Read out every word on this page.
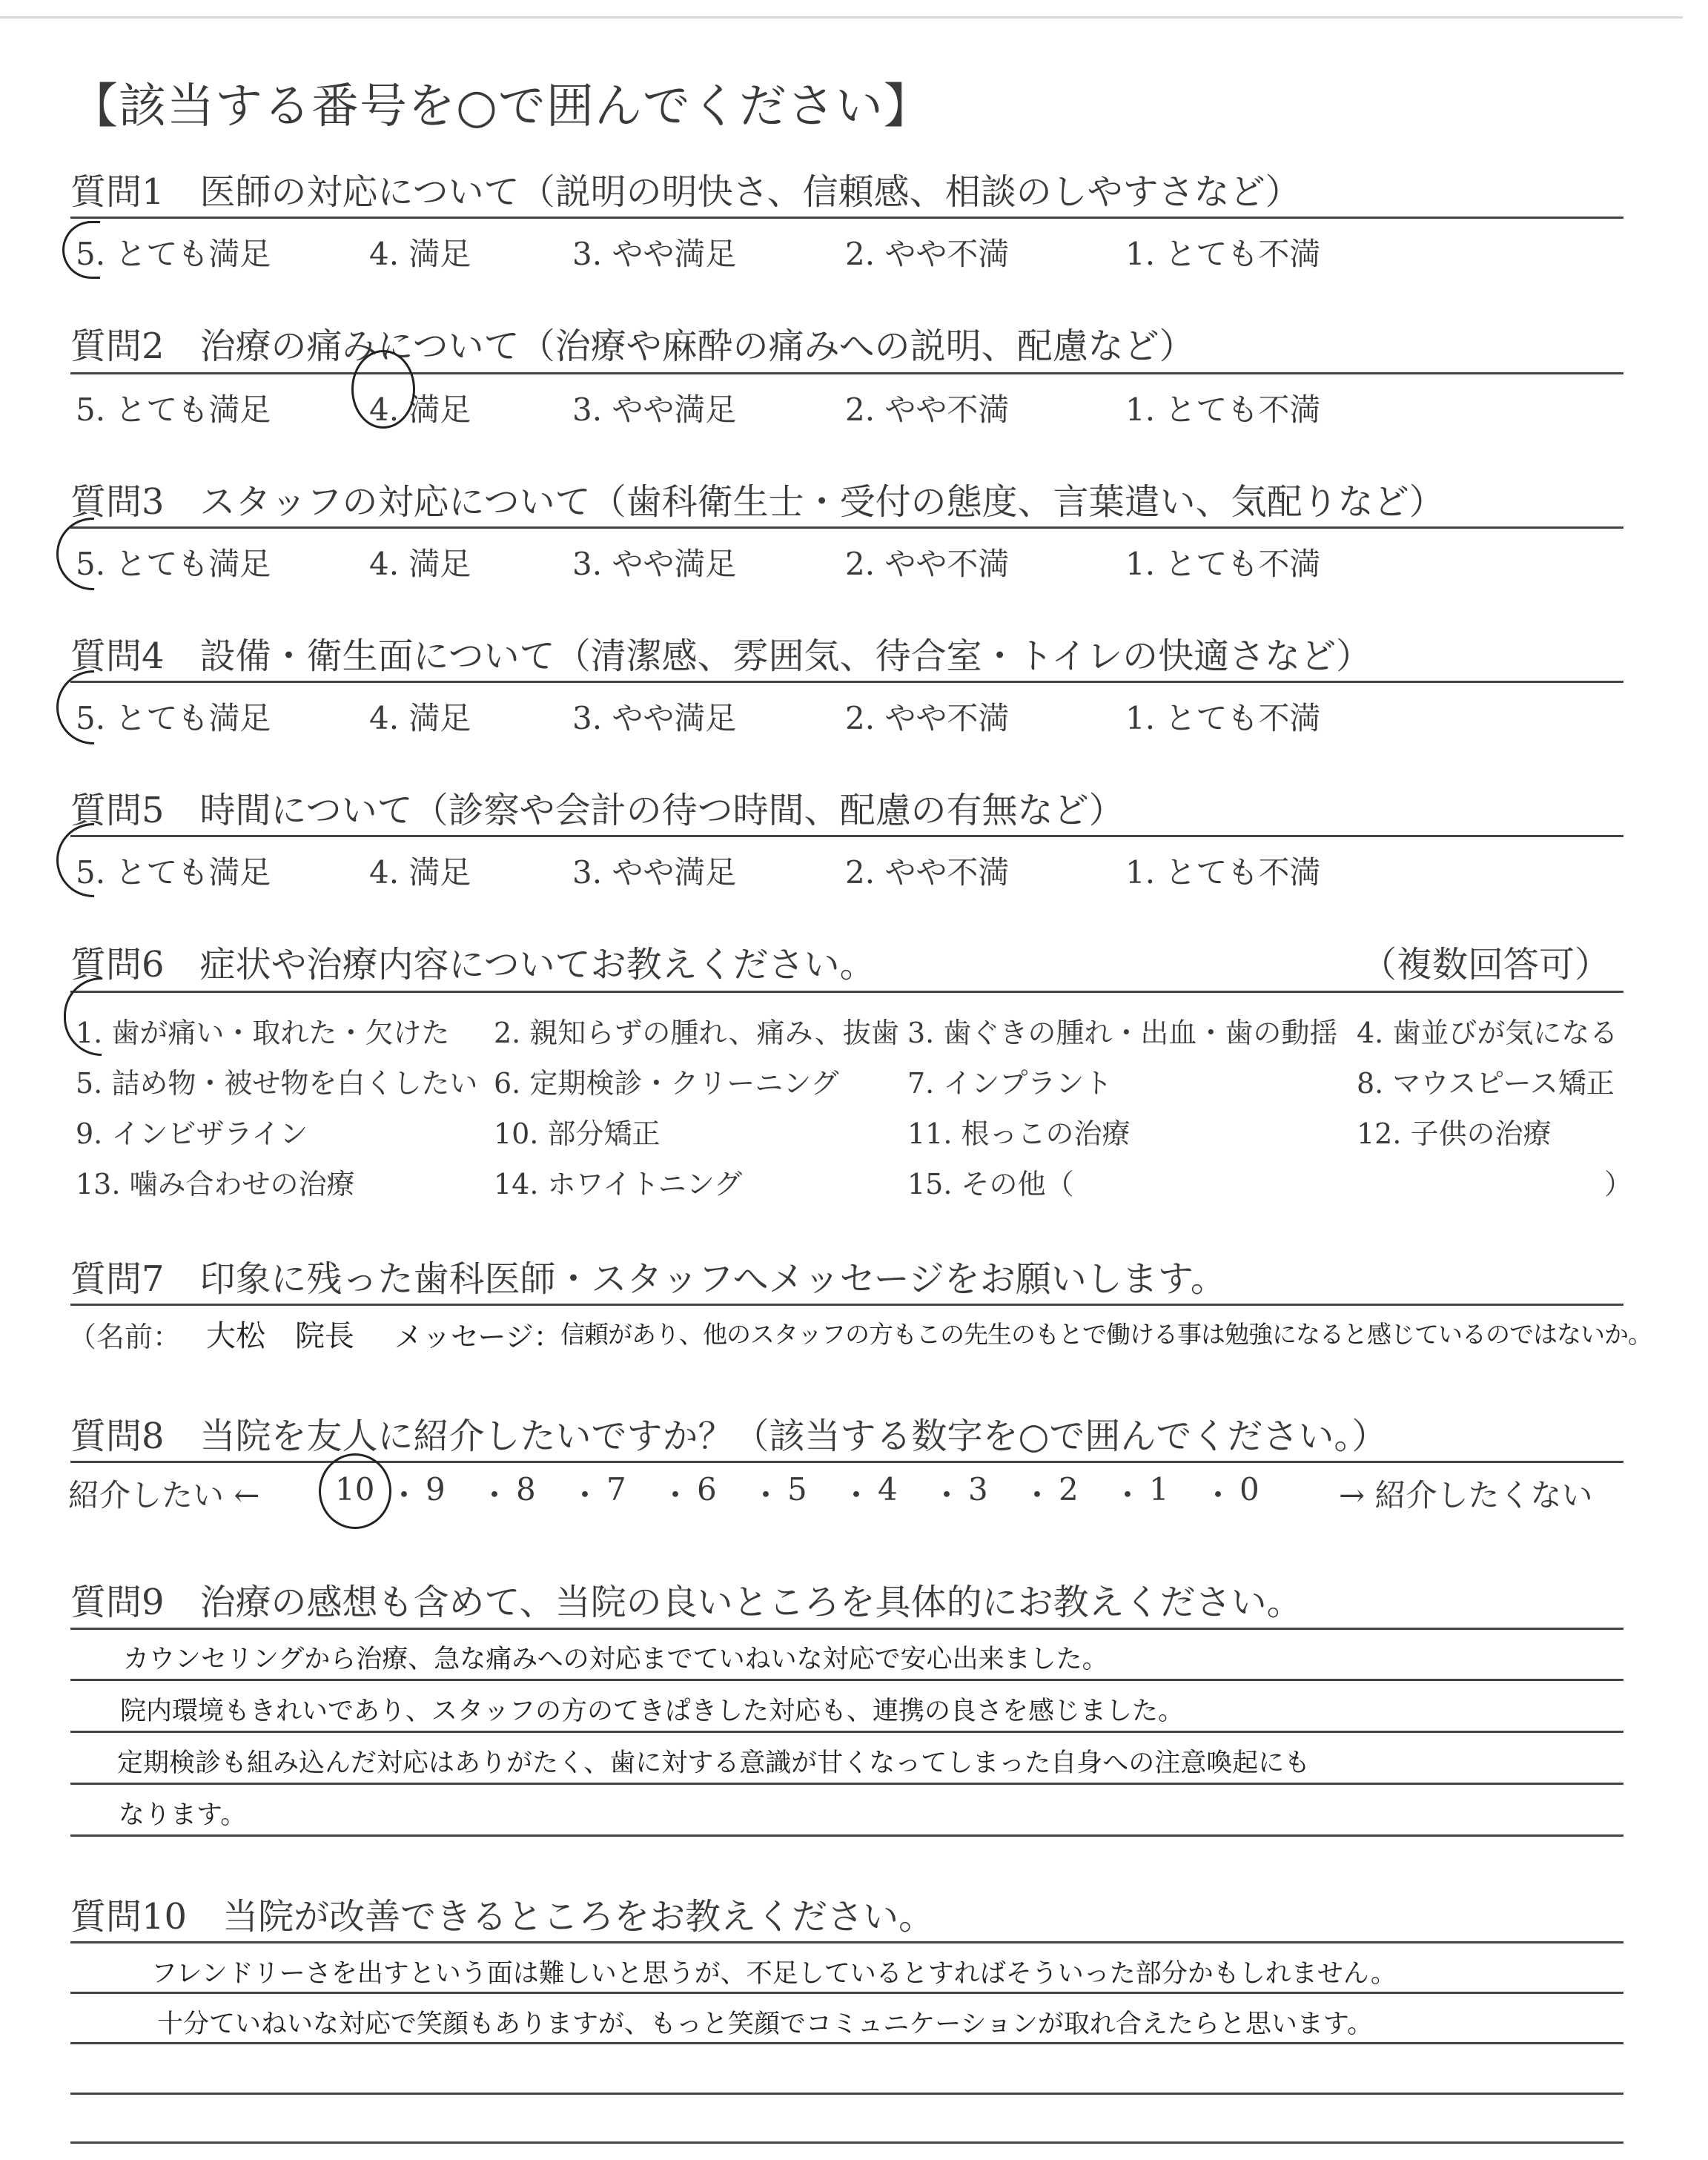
【該当する番号を○で囲んでください】
質問1　医師の対応について（説明の明快さ、信頼感、相談のしやすさなど）
5. とても満足	4. 満足	3. やや満足	2. やや不満	1. とても不満
質問2　治療の痛みについて（治療や麻酔の痛みへの説明、配慮など）
5. とても満足	4. 満足	3. やや満足	2. やや不満	1. とても不満
質問3　スタッフの対応について（歯科衛生士・受付の態度、言葉遣い、気配りなど）
5. とても満足	4. 満足	3. やや満足	2. やや不満	1. とても不満
質問4　設備・衛生面について（清潔感、雰囲気、待合室・トイレの快適さなど）
5. とても満足	4. 満足	3. やや満足	2. やや不満	1. とても不満
質問5　時間について（診察や会計の待つ時間、配慮の有無など）
5. とても満足	4. 満足	3. やや満足	2. やや不満	1. とても不満
質問6　症状や治療内容についてお教えください。	（複数回答可）
1. 歯が痛い・取れた・欠けた 2. 親知らずの腫れ、痛み、抜歯 3. 歯ぐきの腫れ・出血・歯の動揺 4. 歯並びが気になる
5. 詰め物・被せ物を白くしたい 6. 定期検診・クリーニング 7. インプラント	8. マウスピース矯正
9. インビザライン	10. 部分矯正	11. 根っこの治療	12. 子供の治療
13. 噛み合わせの治療	14. ホワイトニング	15. その他（	）
質問7　印象に残った歯科医師・スタッフへメッセージをお願いします。
（名前： 大松　院長 メッセージ：
信頼があり、他のスタッフの方もこの先生のもとで働ける事は勉強になると感じているのではないか。
質問8　当院を友人に紹介したいですか？（該当する数字を○で囲んでください。）
紹介したい ←	→ 紹介したくない
10 ・ 9 ・ 8 ・ 7 ・ 6 ・ 5 ・ 4 ・ 3 ・ 2 ・ 1 ・ 0
質問9　治療の感想も含めて、当院の良いところを具体的にお教えください。
カウンセリングから治療、急な痛みへの対応までていねいな対応で安心出来ました。
院内環境もきれいであり、スタッフの方のてきぱきした対応も、連携の良さを感じました。
定期検診も組み込んだ対応はありがたく、歯に対する意識が甘くなってしまった自身への注意喚起にも
なります。
質問10　当院が改善できるところをお教えください。
フレンドリーさを出すという面は難しいと思うが、不足しているとすればそういった部分かもしれません。
十分ていねいな対応で笑顔もありますが、もっと笑顔でコミュニケーションが取れ合えたらと思います。
